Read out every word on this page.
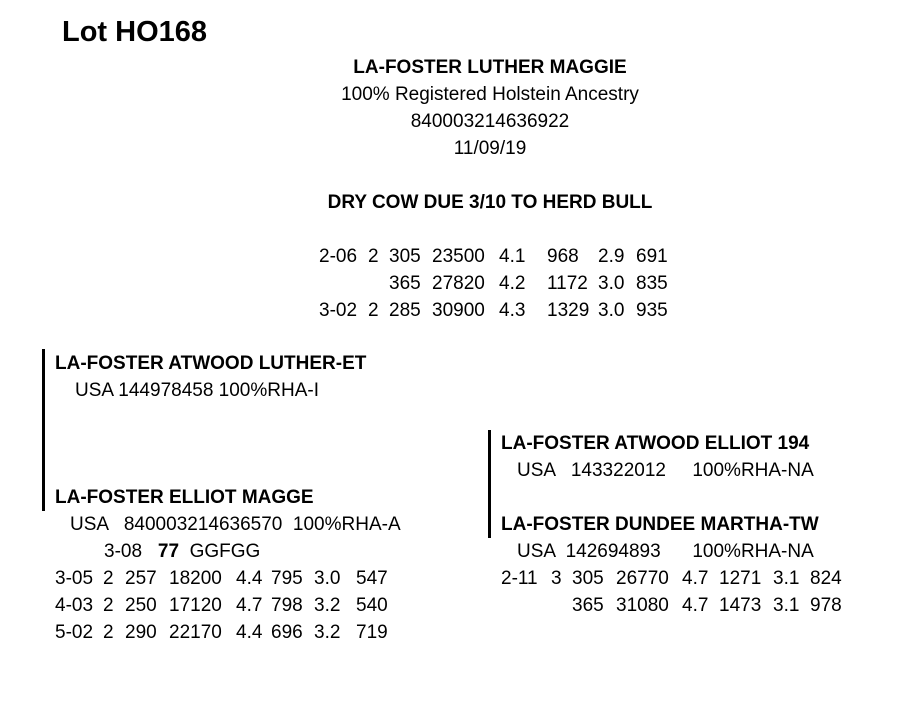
Lot HO168
LA-FOSTER LUTHER MAGGIE
100% Registered Holstein Ancestry
840003214636922
11/09/19
DRY COW DUE 3/10 TO HERD BULL
2-06 2 305 23500 4.1 968 2.9 691
365 27820 4.2 1172 3.0 835
3-02 2 285 30900 4.3 1329 3.0 935
LA-FOSTER ATWOOD LUTHER-ET
USA 144978458 100%RHA-I
LA-FOSTER ELLIOT MAGGE
USA   840003214636570  100%RHA-A
3-08 77 GGFGG
3-05 2 257 18200 4.4 795 3.0 547
4-03 2 250 17120 4.7 798 3.2 540
5-02 2 290 22170 4.4 696 3.2 719
LA-FOSTER ATWOOD ELLIOT 194
USA   143322012     100%RHA-NA
LA-FOSTER DUNDEE MARTHA-TW
USA  142694893      100%RHA-NA
2-11 3 305 26770 4.7 1271 3.1 824
365 31080 4.7 1473 3.1 978
